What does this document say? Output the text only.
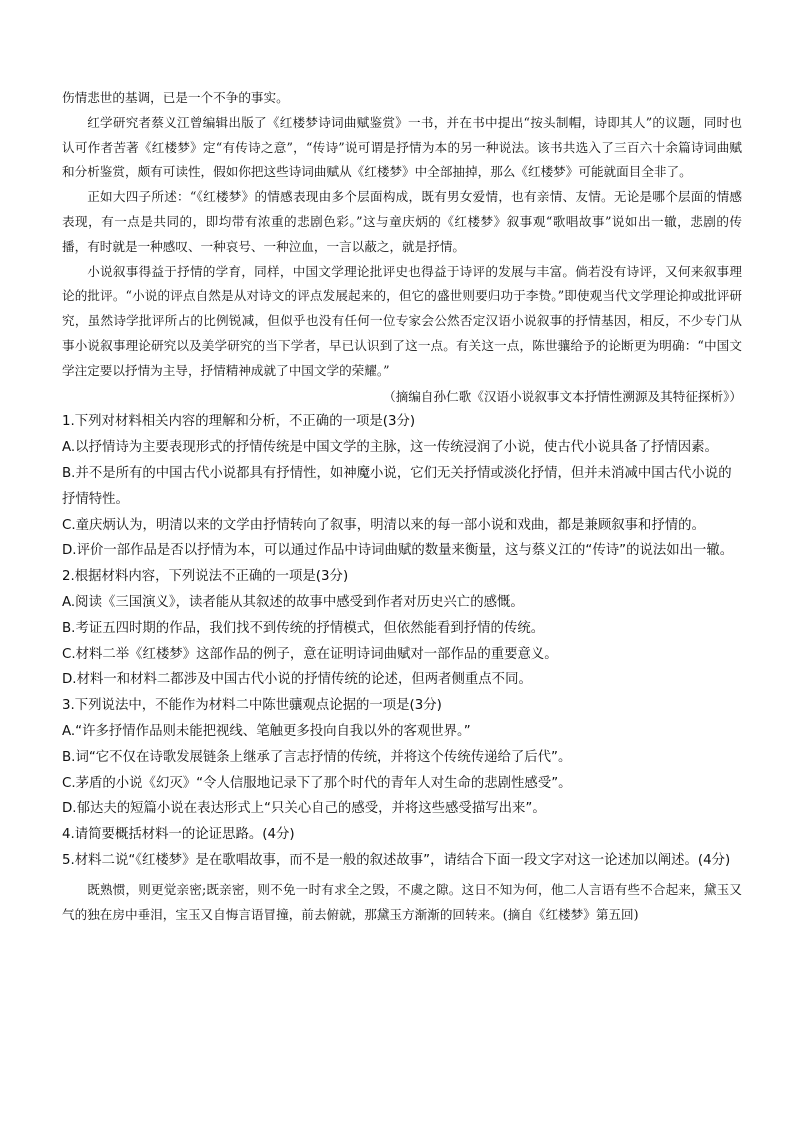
伤情悲世的基调，已是一个不争的事实。

红学研究者蔡义江曾编辑出版了《红楼梦诗词曲赋鉴赏》一书，并在书中提出“按头制帽，诗即其人”的议题，同时也认可作者苦著《红楼梦》定“有传诗之意”，“传诗”说可谓是抒情为本的另一种说法。该书共选入了三百六十余篇诗词曲赋和分析鉴赏，颇有可读性，假如你把这些诗词曲赋从《红楼梦》中全部抽掉，那么《红楼梦》可能就面目全非了。

正如大四子所述：“《红楼梦》的情感表现由多个层面构成，既有男女爱情，也有亲情、友情。无论是哪个层面的情感表现，有一点是共同的，即均带有浓重的悲剧色彩。”这与童庆炳的《红楼梦》叙事观“歌唱故事”说如出一辙，悲剧的传播，有时就是一种感叹、一种哀号、一种泣血，一言以蔽之，就是抒情。

小说叙事得益于抒情的学育，同样，中国文学理论批评史也得益于诗评的发展与丰富。倘若没有诗评，又何来叙事理论的批评。“小说的评点自然是从对诗文的评点发展起来的，但它的盛世则要归功于李贽。”即使观当代文学理论抑或批评研究，虽然诗学批评所占的比例锐减，但似乎也没有任何一位专家会公然否定汉语小说叙事的抒情基因，相反，不少专门从事小说叙事理论研究以及美学研究的当下学者，早已认识到了这一点。有关这一点，陈世骧给予的论断更为明确：“中国文学注定要以抒情为主导，抒情精神成就了中国文学的荣耀。”

（摘编自孙仁歌《汉语小说叙事文本抒情性溯源及其特征探析》）

1.下列对材料相关内容的理解和分析，不正确的一项是(3分)

A.以抒情诗为主要表现形式的抒情传统是中国文学的主脉，这一传统浸润了小说，使古代小说具备了抒情因素。

B.并不是所有的中国古代小说都具有抒情性，如神魔小说，它们无关抒情或淡化抒情，但并未消减中国古代小说的抒情特性。

C.童庆炳认为，明清以来的文学由抒情转向了叙事，明清以来的每一部小说和戏曲，都是兼顾叙事和抒情的。

D.评价一部作品是否以抒情为本，可以通过作品中诗词曲赋的数量来衡量，这与蔡义江的“传诗”的说法如出一辙。

2.根据材料内容，下列说法不正确的一项是(3分)

A.阅读《三国演义》，读者能从其叙述的故事中感受到作者对历史兴亡的感慨。

B.考证五四时期的作品，我们找不到传统的抒情模式，但依然能看到抒情的传统。

C.材料二举《红楼梦》这部作品的例子，意在证明诗词曲赋对一部作品的重要意义。

D.材料一和材料二都涉及中国古代小说的抒情传统的论述，但两者侧重点不同。

3.下列说法中，不能作为材料二中陈世骧观点论据的一项是(3分)

A.“许多抒情作品则未能把视线、笔触更多投向自我以外的客观世界。”

B.词“它不仅在诗歌发展链条上继承了言志抒情的传统，并将这个传统传递给了后代”。

C.茅盾的小说《幻灭》“令人信服地记录下了那个时代的青年人对生命的悲剧性感受”。

D.郁达夫的短篇小说在表达形式上“只关心自己的感受，并将这些感受描写出来”。

4.请简要概括材料一的论证思路。(4分)

5.材料二说“《红楼梦》是在歌唱故事，而不是一般的叙述故事”，请结合下面一段文字对这一论述加以阐述。(4分)

既熟惯，则更觉亲密;既亲密，则不免一时有求全之毁，不虞之隙。这日不知为何，他二人言语有些不合起来，黛玉又气的独在房中垂泪，宝玉又自悔言语冒撞，前去俯就，那黛玉方渐渐的回转来。(摘自《红楼梦》第五回)
